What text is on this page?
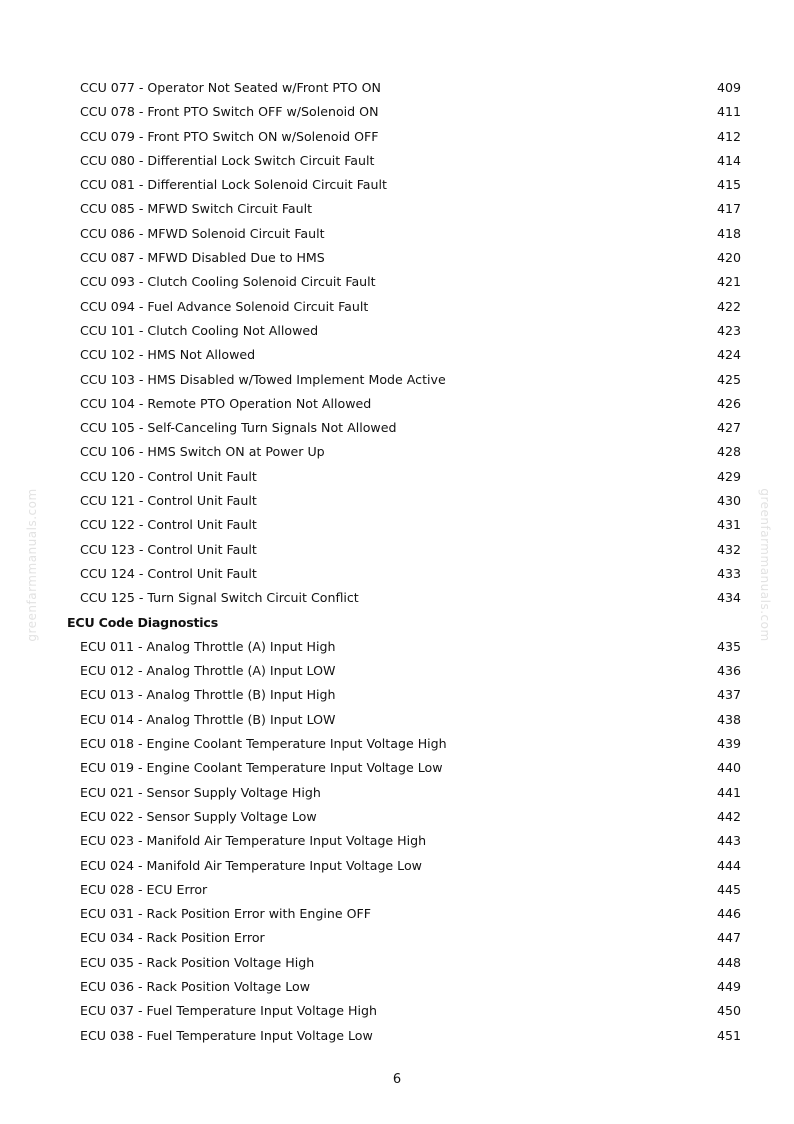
greenfarmmanuals.com	greenfarmmanuals.com
CCU 077 - Operator Not Seated w/Front PTO ON	409
CCU 078 - Front PTO Switch OFF w/Solenoid ON	411
CCU 079 - Front PTO Switch ON w/Solenoid OFF	412
CCU 080 - Differential Lock Switch Circuit Fault	414
CCU 081 - Differential Lock Solenoid Circuit Fault	415
CCU 085 - MFWD Switch Circuit Fault	417
CCU 086 - MFWD Solenoid Circuit Fault	418
CCU 087 - MFWD Disabled Due to HMS	420
CCU 093 - Clutch Cooling Solenoid Circuit Fault	421
CCU 094 - Fuel Advance Solenoid Circuit Fault	422
CCU 101 - Clutch Cooling Not Allowed	423
CCU 102 - HMS Not Allowed	424
CCU 103 - HMS Disabled w/Towed Implement Mode Active	425
CCU 104 - Remote PTO Operation Not Allowed	426
CCU 105 - Self-Canceling Turn Signals Not Allowed	427
CCU 106 - HMS Switch ON at Power Up	428
CCU 120 - Control Unit Fault	429
CCU 121 - Control Unit Fault	430
CCU 122 - Control Unit Fault	431
CCU 123 - Control Unit Fault	432
CCU 124 - Control Unit Fault	433
CCU 125 - Turn Signal Switch Circuit Conflict	434
ECU Code Diagnostics
ECU 011 - Analog Throttle (A) Input High	435
ECU 012 - Analog Throttle (A) Input LOW	436
ECU 013 - Analog Throttle (B) Input High	437
ECU 014 - Analog Throttle (B) Input LOW	438
ECU 018 - Engine Coolant Temperature Input Voltage High	439
ECU 019 - Engine Coolant Temperature Input Voltage Low	440
ECU 021 - Sensor Supply Voltage High	441
ECU 022 - Sensor Supply Voltage Low	442
ECU 023 - Manifold Air Temperature Input Voltage High	443
ECU 024 - Manifold Air Temperature Input Voltage Low	444
ECU 028 - ECU Error	445
ECU 031 - Rack Position Error with Engine OFF	446
ECU 034 - Rack Position Error	447
ECU 035 - Rack Position Voltage High	448
ECU 036 - Rack Position Voltage Low	449
ECU 037 - Fuel Temperature Input Voltage High	450
ECU 038 - Fuel Temperature Input Voltage Low	451
6
